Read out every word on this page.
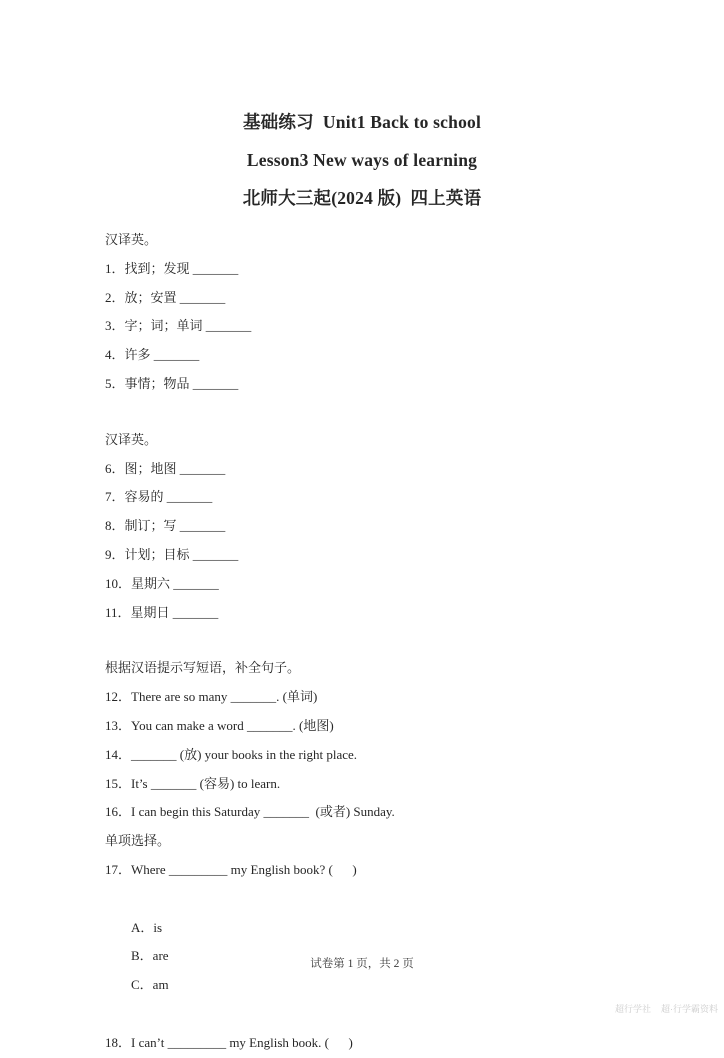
基础练习  Unit1 Back to school
Lesson3 New ways of learning
北师大三起(2024 版)  四上英语
汉译英。
1．找到；发现 _______
2．放；安置 _______
3．字；词；单词 _______
4．许多 _______
5．事情；物品 _______
汉译英。
6．图；地图 _______
7．容易的 _______
8．制订；写 _______
9．计划；目标 _______
10．星期六 _______
11．星期日 _______
根据汉语提示写短语，补全句子。
12．There are so many _______. (单词)
13．You can make a word _______. (地图)
14．_______ (放) your books in the right place.
15．It’s _______ (容易) to learn.
16．I can begin this Saturday _______  (或者) Sunday.
单项选择。
17．Where _________ my English book? (      )

A．is
B．are
C．am

18．I can’t _________ my English book. (      )
试卷第 1 页，共 2 页
超行学社    超·行学霸资料
